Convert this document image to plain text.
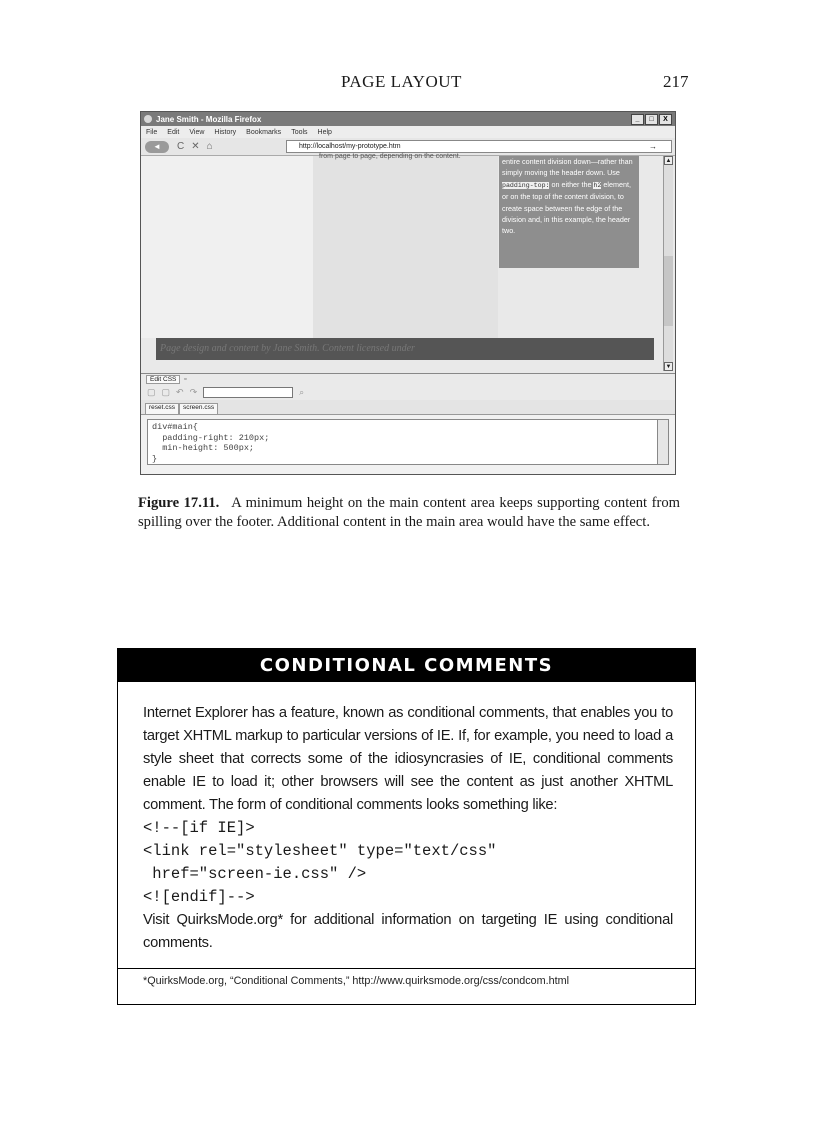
PAGE LAYOUT	217
Jane Smith - Mozilla Firefox	_	□	X
File Edit View History Bookmarks Tools Help
◄	C ✕ ⌂	http://localhost/my-prototype.htm	→
from page to page, depending on the content.
entire content division down—rather than simply moving the header down. Use padding-top: on either the h2 element, or on the top of the content division, to create space between the edge of the division and, in this example, the header two.
Page design and content by Jane Smith. Content licensed under
▲
▼
Edit CSS	▫
▢ ▢ ↶ ↷	⌕
reset.css	screen.css
div#main{
padding-right: 210px;
min-height: 500px;
}
Figure 17.11. A minimum height on the main content area keeps supporting content from spilling over the footer. Additional content in the main area would have the same effect.
CONDITIONAL COMMENTS
Internet Explorer has a feature, known as conditional comments, that enables you to target XHTML markup to particular versions of IE. If, for example, you need to load a style sheet that corrects some of the idiosyncrasies of IE, conditional comments enable IE to load it; other browsers will see the content as just another XHTML comment. The form of conditional comments looks something like:
<!--[if IE]>
<link rel="stylesheet" type="text/css"
href="screen-ie.css" />
<![endif]-->
Visit QuirksMode.org* for additional information on targeting IE using conditional comments.
*QuirksMode.org, “Conditional Comments,” http://www.quirksmode.org/css/condcom.html
